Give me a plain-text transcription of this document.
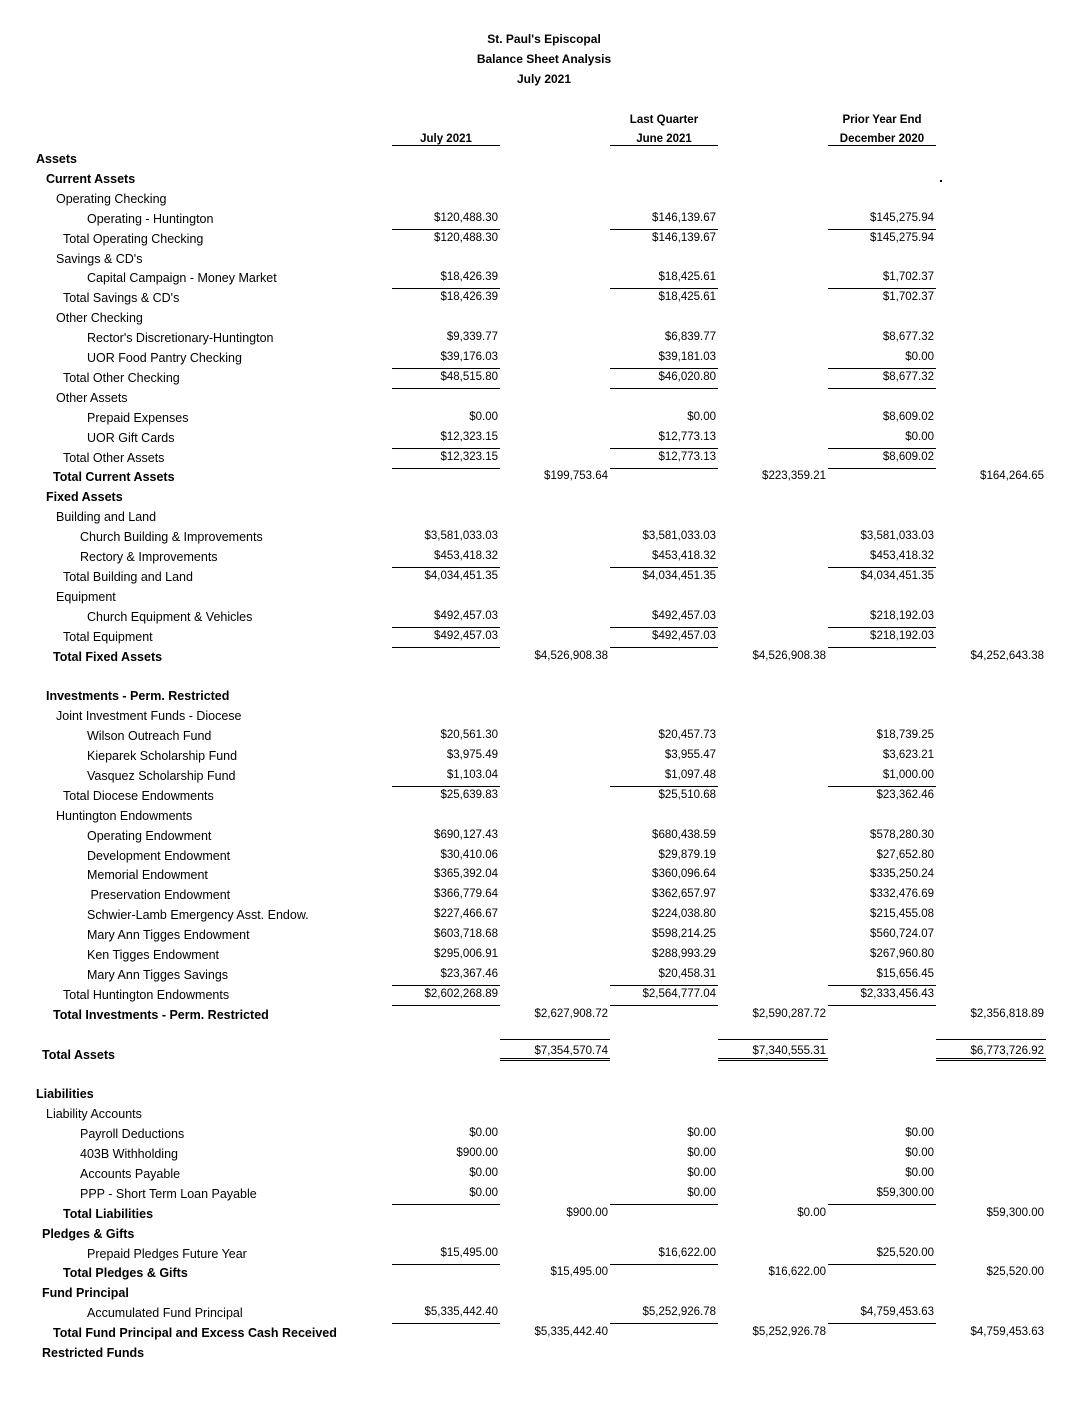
St. Paul's Episcopal
Balance Sheet Analysis
July 2021
July 2021
Last Quarter
June 2021
Prior Year End
December 2020
Assets
Current Assets
Operating Checking
Operating - Huntington	$120,488.30	$146,139.67	$145,275.94
Total Operating Checking	$120,488.30	$146,139.67	$145,275.94
Savings & CD's
Capital Campaign - Money Market	$18,426.39	$18,425.61	$1,702.37
Total Savings & CD's	$18,426.39	$18,425.61	$1,702.37
Other Checking
Rector's Discretionary-Huntington	$9,339.77	$6,839.77	$8,677.32
UOR Food Pantry Checking	$39,176.03	$39,181.03	$0.00
Total Other Checking	$48,515.80	$46,020.80	$8,677.32
Other Assets
Prepaid Expenses	$0.00	$0.00	$8,609.02
UOR Gift Cards	$12,323.15	$12,773.13	$0.00
Total Other Assets	$12,323.15	$12,773.13	$8,609.02
Total Current Assets	$199,753.64	$223,359.21	$164,264.65
Fixed Assets
Building and Land
Church Building & Improvements	$3,581,033.03	$3,581,033.03	$3,581,033.03
Rectory & Improvements	$453,418.32	$453,418.32	$453,418.32
Total Building and Land	$4,034,451.35	$4,034,451.35	$4,034,451.35
Equipment
Church Equipment & Vehicles	$492,457.03	$492,457.03	$218,192.03
Total Equipment	$492,457.03	$492,457.03	$218,192.03
Total Fixed Assets	$4,526,908.38	$4,526,908.38	$4,252,643.38
Investments - Perm. Restricted
Joint Investment Funds - Diocese
Wilson Outreach Fund	$20,561.30	$20,457.73	$18,739.25
Kieparek Scholarship Fund	$3,975.49	$3,955.47	$3,623.21
Vasquez Scholarship Fund	$1,103.04	$1,097.48	$1,000.00
Total Diocese Endowments	$25,639.83	$25,510.68	$23,362.46
Huntington Endowments
Operating Endowment	$690,127.43	$680,438.59	$578,280.30
Development Endowment	$30,410.06	$29,879.19	$27,652.80
Memorial Endowment	$365,392.04	$360,096.64	$335,250.24
Preservation Endowment	$366,779.64	$362,657.97	$332,476.69
Schwier-Lamb Emergency Asst. Endow.	$227,466.67	$224,038.80	$215,455.08
Mary Ann Tigges Endowment	$603,718.68	$598,214.25	$560,724.07
Ken Tigges Endowment	$295,006.91	$288,993.29	$267,960.80
Mary Ann Tigges Savings	$23,367.46	$20,458.31	$15,656.45
Total Huntington Endowments	$2,602,268.89	$2,564,777.04	$2,333,456.43
Total Investments - Perm. Restricted	$2,627,908.72	$2,590,287.72	$2,356,818.89
Total Assets	$7,354,570.74	$7,340,555.31	$6,773,726.92
Liabilities
Liability Accounts
Payroll Deductions	$0.00	$0.00	$0.00
403B Withholding	$900.00	$0.00	$0.00
Accounts Payable	$0.00	$0.00	$0.00
PPP - Short Term Loan Payable	$0.00	$0.00	$59,300.00
Total Liabilities	$900.00	$0.00	$59,300.00
Pledges & Gifts
Prepaid Pledges Future Year	$15,495.00	$16,622.00	$25,520.00
Total Pledges & Gifts	$15,495.00	$16,622.00	$25,520.00
Fund Principal
Accumulated Fund Principal	$5,335,442.40	$5,252,926.78	$4,759,453.63
Total Fund Principal and Excess Cash Received	$5,335,442.40	$5,252,926.78	$4,759,453.63
Restricted Funds
